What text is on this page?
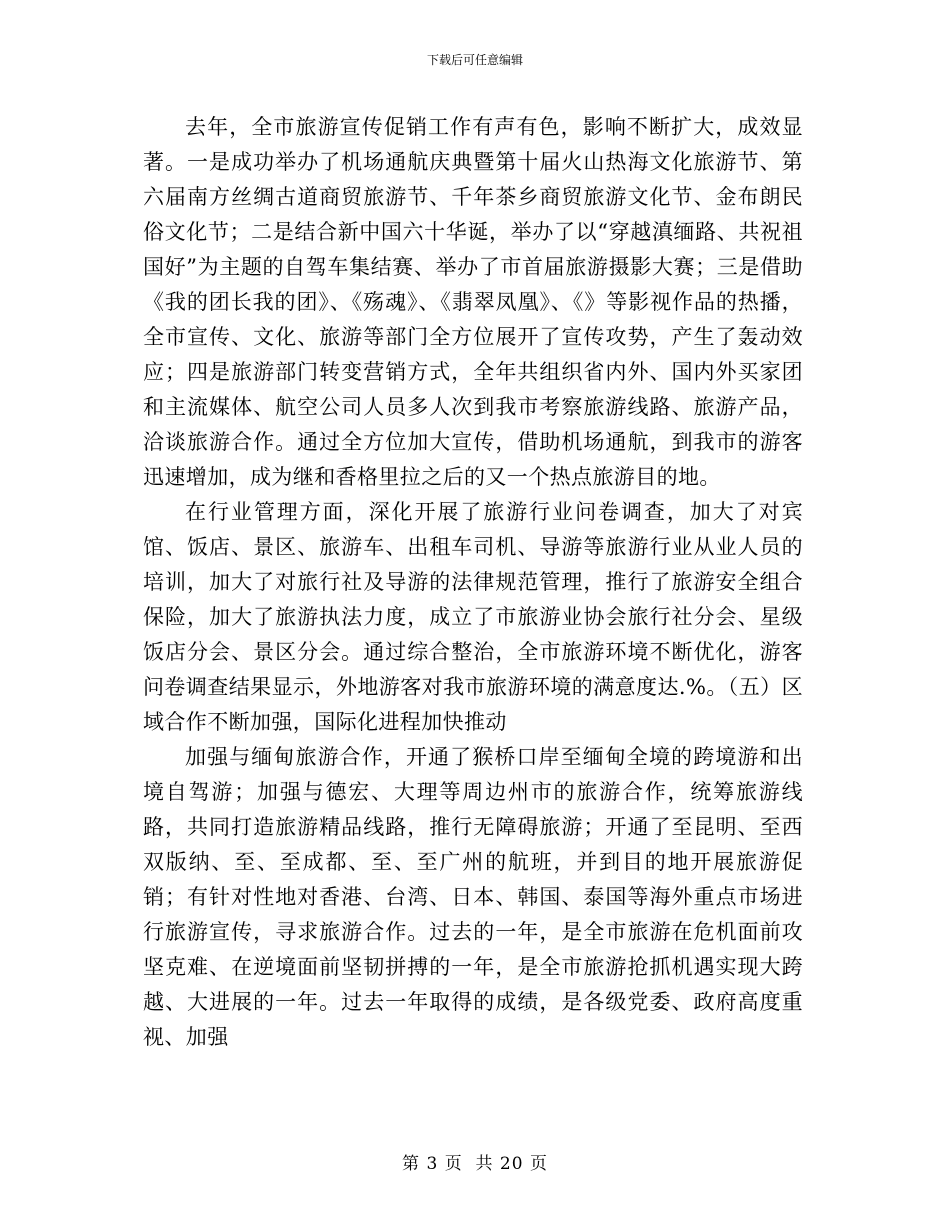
下载后可任意编辑

去年，全市旅游宣传促销工作有声有色，影响不断扩大，成效显著。一是成功举办了机场通航庆典暨第十届火山热海文化旅游节、第六届南方丝绸古道商贸旅游节、千年茶乡商贸旅游文化节、金布朗民俗文化节；二是结合新中国六十华诞，举办了以“穿越滇缅路、共祝祖国好”为主题的自驾车集结赛、举办了市首届旅游摄影大赛；三是借助《我的团长我的团》、《殇魂》、《翡翠凤凰》、《》等影视作品的热播，全市宣传、文化、旅游等部门全方位展开了宣传攻势，产生了轰动效应；四是旅游部门转变营销方式，全年共组织省内外、国内外买家团和主流媒体、航空公司人员多人次到我市考察旅游线路、旅游产品，洽谈旅游合作。通过全方位加大宣传，借助机场通航，到我市的游客迅速增加，成为继和香格里拉之后的又一个热点旅游目的地。

在行业管理方面，深化开展了旅游行业问卷调查，加大了对宾馆、饭店、景区、旅游车、出租车司机、导游等旅游行业从业人员的培训，加大了对旅行社及导游的法律规范管理，推行了旅游安全组合保险，加大了旅游执法力度，成立了市旅游业协会旅行社分会、星级饭店分会、景区分会。通过综合整治，全市旅游环境不断优化，游客问卷调查结果显示，外地游客对我市旅游环境的满意度达.%。（五）区域合作不断加强，国际化进程加快推动

加强与缅甸旅游合作，开通了猴桥口岸至缅甸全境的跨境游和出境自驾游；加强与德宏、大理等周边州市的旅游合作，统筹旅游线路，共同打造旅游精品线路，推行无障碍旅游；开通了至昆明、至西双版纳、至、至成都、至、至广州的航班，并到目的地开展旅游促销；有针对性地对香港、台湾、日本、韩国、泰国等海外重点市场进行旅游宣传，寻求旅游合作。过去的一年，是全市旅游在危机面前攻坚克难、在逆境面前坚韧拼搏的一年，是全市旅游抢抓机遇实现大跨越、大进展的一年。过去一年取得的成绩，是各级党委、政府高度重视、加强

第 3 页  共 20 页
